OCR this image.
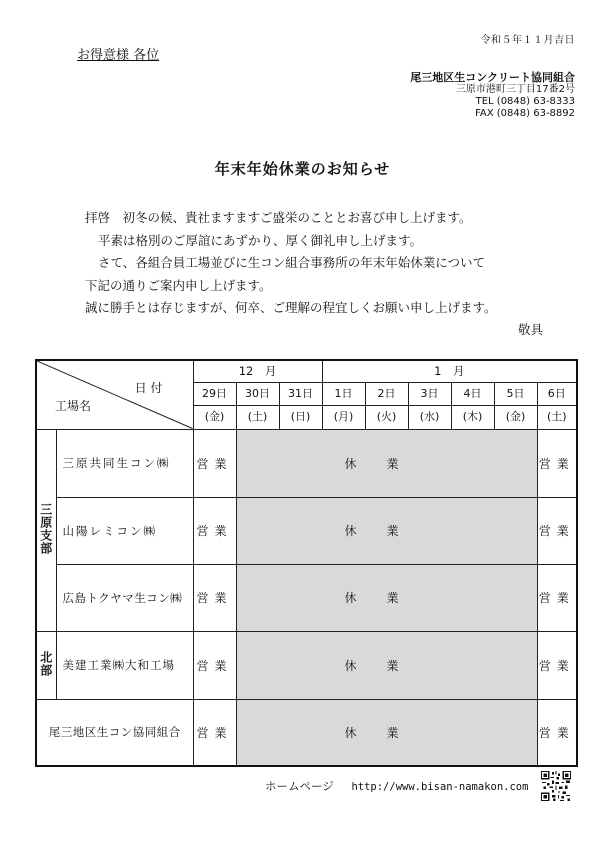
令和５年１１月吉日
お得意様 各位
尾三地区生コンクリート協同組合
三原市港町三丁目17番2号
TEL (0848) 63-8333
FAX (0848) 63-8892
年末年始休業のお知らせ
拝啓　初冬の候、貴社ますますご盛栄のこととお喜び申し上げます。
平素は格別のご厚誼にあずかり、厚く御礼申し上げます。
さて、各組合員工場並びに生コン組合事務所の年末年始休業について
下記の通りご案内申し上げます。
誠に勝手とは存じますが、何卒、ご理解の程宜しくお願い申し上げます。
敬具
日 付
工場名		12　月			1　月					
		29日	30日	31日	1日	2日	3日	4日	5日	6日
		(金)	(土)	(日)	(月)	(火)	(水)	(木)	(金)	(土)
三原支部	三原共同生コン㈱	営業	休業							営業
	山陽レミコン㈱	営業	休業							営業
	広島トクヤマ生コン㈱	営業	休業							営業
北部	美建工業㈱大和工場	営業	休業							営業
尾三地区生コン協同組合		営業	休業							営業
ホームページ http://www.bisan-namakon.com
